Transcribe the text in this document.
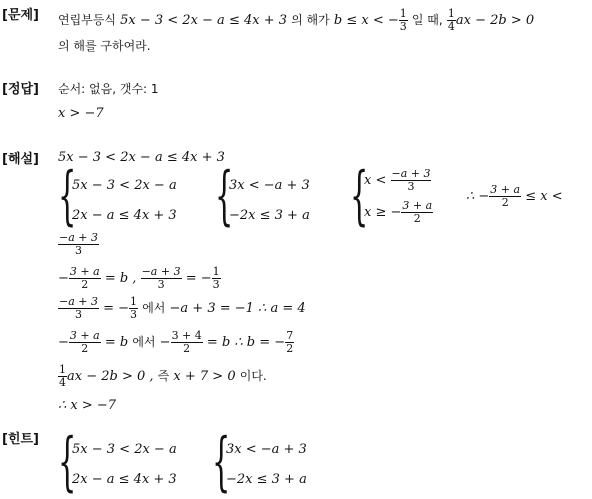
[문제]
[정답]
[해설]
[힌트]
연립부등식 5x − 3 < 2x − a ≤ 4x + 3 의 해가 b ≤ x < − $\frac{1}{3}$ 일 때, $\frac{1}{4}$ ax − 2b > 0
의 해를 구하여라.
순서: 없음, 갯수: 1
x > −7
5x − 3 < 2x − a ≤ 4x + 3
{
5x − 3 < 2x − a
2x − a ≤ 4x + 3 {
3x < −a + 3
−2x ≤ 3 + a {
$x < \frac{-a + 3}{3}$
x ≥ − $\frac{3 + a}{2}$
∴ − $\frac{3 + a}{2} \le x$ <
$\frac{-a + 3}{3}$
− $\frac{3 + a}{2} = b$ , $\frac{-a + 3}{3}$ = − $\frac{1}{3}$
$\frac{-a + 3}{3}$ = − $\frac{1}{3}$ 에서 −a + 3 = −1 ∴ a = 4
− $\frac{3 + a}{2} = b$ 에서 − $\frac{3 + 4}{2} = b$ ∴ b = − $\frac{7}{2}$
$\frac{1}{4}$ ax − 2b > 0 , 즉 x + 7 > 0 이다.
∴ x > −7
{
5x − 3 < 2x − a
2x − a ≤ 4x + 3 {
3x < −a + 3
−2x ≤ 3 + a
